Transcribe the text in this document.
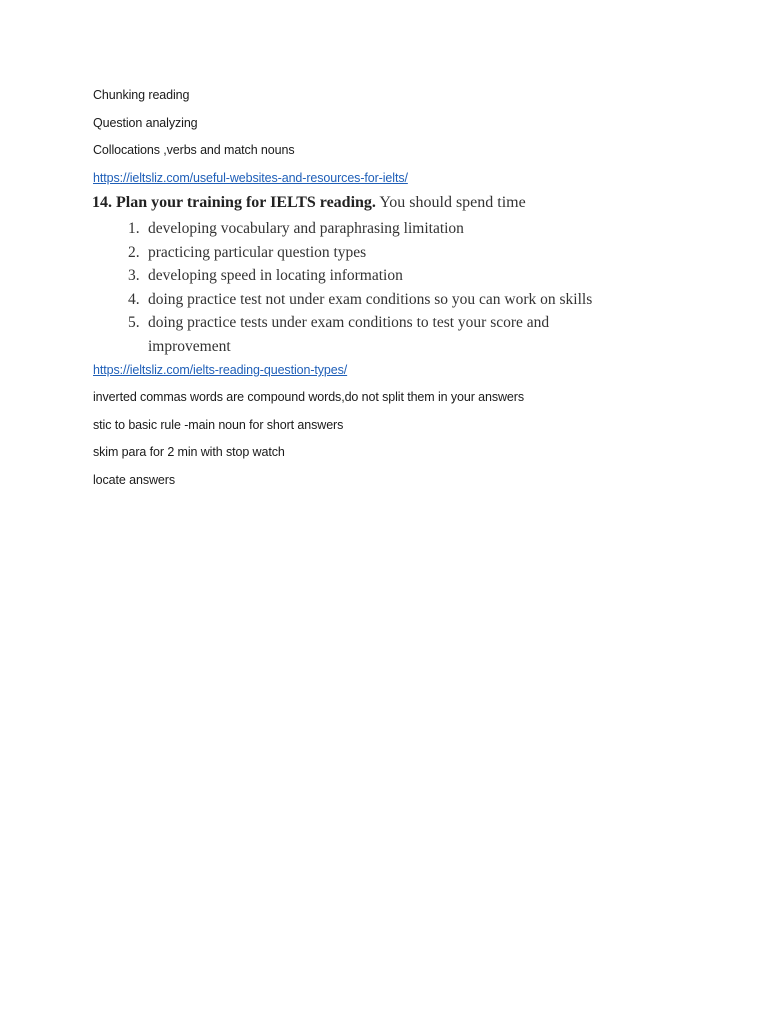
Chunking reading
Question analyzing
Collocations ,verbs and match nouns
https://ieltsliz.com/useful-websites-and-resources-for-ielts/
14. Plan your training for IELTS reading. You should spend time
1. developing vocabulary and paraphrasing limitation
2. practicing particular question types
3. developing speed in locating information
4. doing practice test not under exam conditions so you can work on skills
5. doing practice tests under exam conditions to test your score and improvement
https://ieltsliz.com/ielts-reading-question-types/
inverted commas words are compound words,do not split them in your answers
stic to basic rule -main noun for short answers
skim para for 2 min with stop watch
locate answers
